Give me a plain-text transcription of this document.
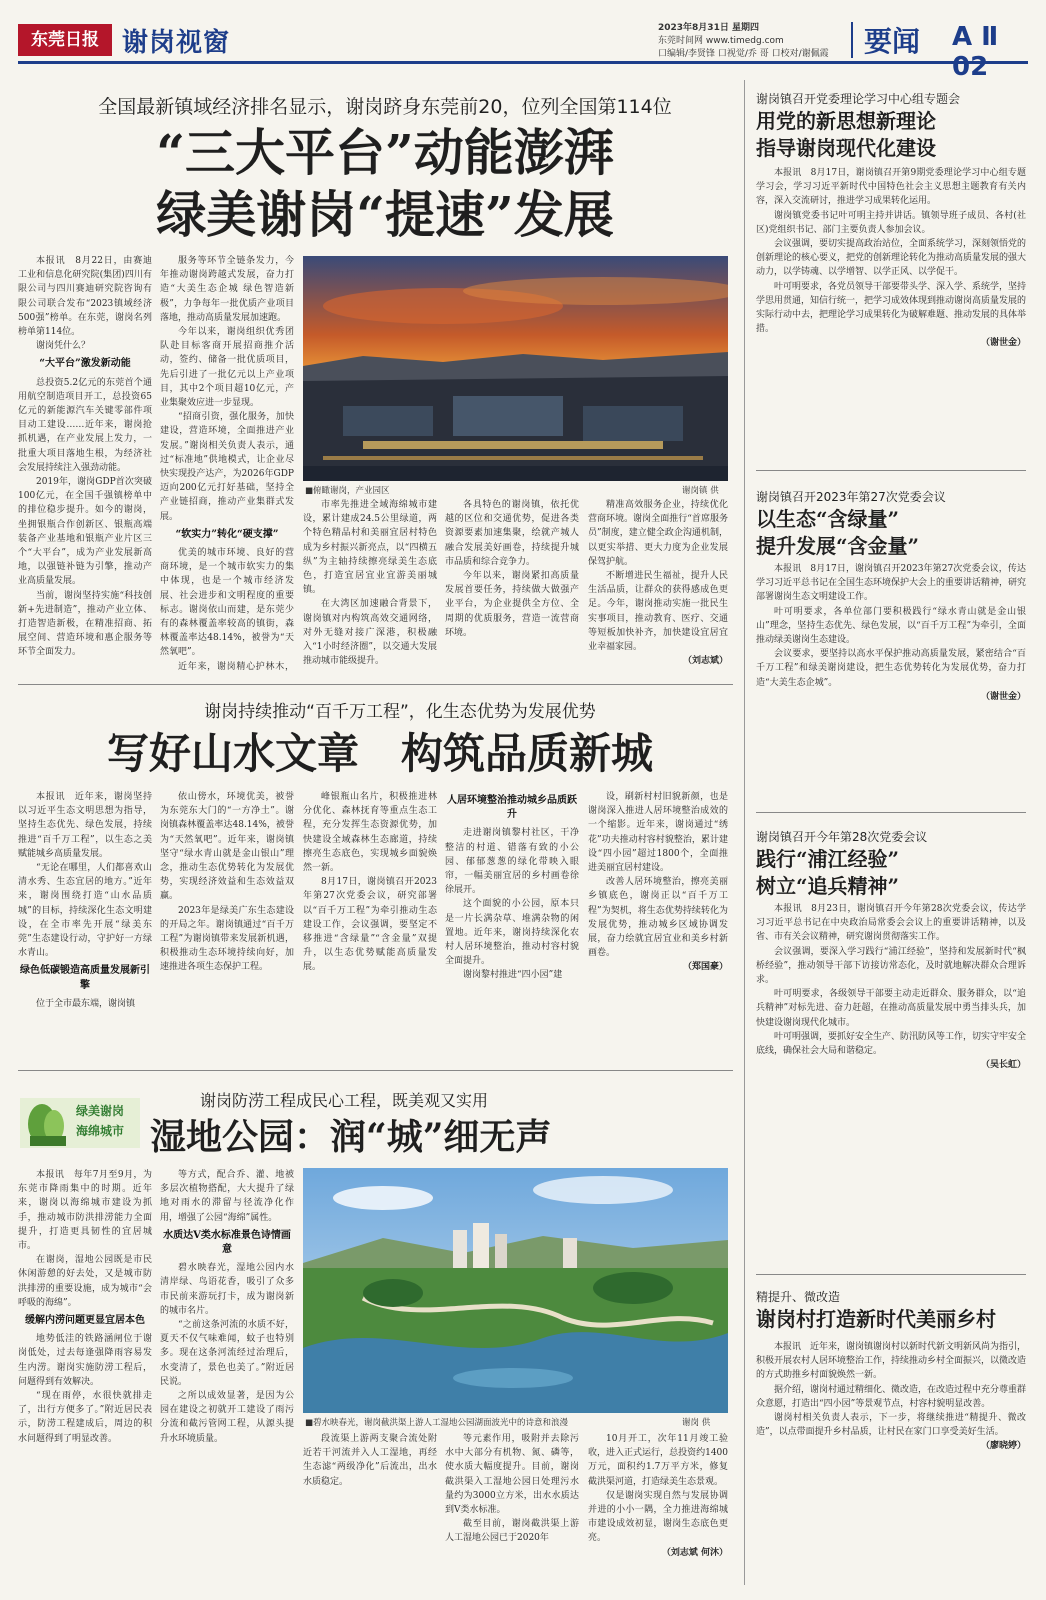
东莞日报 谢岗视窗	2023年8月31日 星期四
东莞时间网 www.timedg.com
口编辑/李贤锋 口视觉/乔 哥 口校对/谢佩霞	要闻 A Ⅱ 02
全国最新镇域经济排名显示，谢岗跻身东莞前20，位列全国第114位
“三大平台”动能澎湃
绿美谢岗“提速”发展

本报讯　8月22日，由赛迪工业和信息化研究院(集团)四川有限公司与四川赛迪研究院咨询有限公司联合发布“2023镇域经济500强”榜单。在东莞，谢岗名列榜单第114位。

谢岗凭什么？

“大平台”激发新动能

总投资5.2亿元的东莞首个通用航空制造项目开工，总投资65亿元的新能源汽车关键零部件项目动工建设……近年来，谢岗抢抓机遇，在产业发展上发力，一批重大项目落地生根，为经济社会发展持续注入强劲动能。

2019年，谢岗GDP首次突破100亿元，在全国千强镇榜单中的排位稳步提升。如今的谢岗，坐拥银瓶合作创新区、银瓶高端装备产业基地和银瓶产业片区三个“大平台”，成为产业发展新高地，以强链补链为引擎，推动产业高质量发展。

当前，谢岗坚持实施“科技创新+先进制造”，推动产业立体、打造智造新极，在精准招商、拓展空间、营造环境和惠企服务等环节全面发力。

服务等环节全链条发力，今年推动谢岗跨越式发展，奋力打造“大美生态企城 绿色智造新极”，力争每年一批优质产业项目落地，推动高质量发展加速跑。

今年以来，谢岗组织优秀团队赴目标客商开展招商推介活动，签约、储备一批优质项目，先后引进了一批亿元以上产业项目，其中2个项目超10亿元，产业集聚效应进一步显现。

“招商引资，强化服务，加快建设，营造环境，全面推进产业发展。”谢岗相关负责人表示，通过“标准地”供地模式，让企业尽快实现投产达产，为2026年GDP迈向200亿元打好基础，坚持全产业链招商，推动产业集群式发展。

“软实力”转化“硬支撑”

优美的城市环境、良好的营商环境，是一个城市软实力的集中体现，也是一个城市经济发展、社会进步和文明程度的重要标志。谢岗依山而建，是东莞少有的森林覆盖率较高的镇街，森林覆盖率达48.14%，被誉为“天然氧吧”。

近年来，谢岗精心护林木，

■俯瞰谢岗，产业园区	谢岗镇 供

市率先推进全域海绵城市建设，累计建成24.5公里绿道，两个特色精品村和美丽宜居村特色成为乡村振兴新亮点，以“四横五纵”为主轴持续擦亮绿美生态底色，打造宜居宜业宜游美丽城镇。

在大湾区加速融合背景下，谢岗镇对内构筑高效交通网络，对外无缝对接广深港，积极融入“1小时经济圈”，以交通大发展推动城市能级提升。

各具特色的谢岗镇，依托优越的区位和交通优势，促进各类资源要素加速集聚，绘就产城人融合发展美好画卷，持续提升城市品质和综合竞争力。

今年以来，谢岗紧扣高质量发展首要任务，持续做大做强产业平台，为企业提供全方位、全周期的优质服务，营造一流营商环境。

精准高效服务企业，持续优化营商环境。谢岗全面推行“首席服务员”制度，建立健全政企沟通机制，以更实举措、更大力度为企业发展保驾护航。

不断增进民生福祉，提升人民生活品质，让群众的获得感成色更足。今年，谢岗推动实施一批民生实事项目，推动教育、医疗、交通等短板加快补齐，加快建设宜居宜业幸福家园。

（刘志斌）
谢岗持续推动“百千万工程”，化生态优势为发展优势
写好山水文章　构筑品质新城

本报讯　近年来，谢岗坚持以习近平生态文明思想为指导，坚持生态优先、绿色发展，持续推进“百千万工程”，以生态之美赋能城乡高质量发展。

“无论在哪里，人们都喜欢山清水秀、生态宜居的地方。”近年来，谢岗围绕打造“山水品质城”的目标，持续深化生态文明建设，在全市率先开展“绿美东莞”生态建设行动，守护好一方绿水青山。

绿色低碳锻造高质量发展新引擎

位于全市最东端，谢岗镇

依山傍水，环境优美，被誉为东莞东大门的“一方净土”。谢岗镇森林覆盖率达48.14%，被誉为“天然氧吧”。近年来，谢岗镇坚守“绿水青山就是金山银山”理念，推动生态优势转化为发展优势，实现经济效益和生态效益双赢。

2023年是绿美广东生态建设的开局之年。谢岗镇通过“百千万工程”为谢岗镇带来发展新机遇，积极推动生态环境持续向好，加速推进各项生态保护工程。

峰银瓶山名片，积极推进林分优化、森林抚育等重点生态工程，充分发挥生态资源优势，加快建设全域森林生态廊道，持续擦亮生态底色，实现城乡面貌焕然一新。

8月17日，谢岗镇召开2023年第27次党委会议，研究部署以“百千万工程”为牵引推动生态建设工作，会议强调，要坚定不移推进“含绿量”“含金量”双提升，以生态优势赋能高质量发展。

人居环境整治推动城乡品质跃升

走进谢岗镇黎村社区，干净整洁的村道、错落有致的小公园、郁郁葱葱的绿化带映入眼帘，一幅美丽宜居的乡村画卷徐徐展开。

这个面貌的小公园，原本只是一片长满杂草、堆满杂物的闲置地。近年来，谢岗持续深化农村人居环境整治，推动村容村貌全面提升。

谢岗黎村推进“四小园”建

设，刷新村村旧貌新颜，也是谢岗深入推进人居环境整治成效的一个缩影。近年来，谢岗通过“绣花”功夫推动村容村貌整治，累计建设“四小园”超过1800个，全面推进美丽宜居村建设。

改善人居环境整治，擦亮美丽乡镇底色，谢岗正以“百千万工程”为契机，将生态优势持续转化为发展优势，推动城乡区域协调发展，奋力绘就宜居宜业和美乡村新画卷。

（郑国豪）
绿美谢岗
海绵城市
谢岗防涝工程成民心工程，既美观又实用
湿地公园：润“城”细无声

本报讯　每年7月至9月，为东莞市降雨集中的时期。近年来，谢岗以海绵城市建设为抓手，推动城市防洪排涝能力全面提升，打造更具韧性的宜居城市。

在谢岗，湿地公园既是市民休闲游憩的好去处，又是城市防洪排涝的重要设施，成为城市“会呼吸的海绵”。

缓解内涝问题更显宜居本色

地势低洼的铁路涵闸位于谢岗低处，过去每逢强降雨容易发生内涝。谢岗实施防涝工程后，问题得到有效解决。

“现在雨停，水很快就排走了，出行方便多了。”附近居民表示，防涝工程建成后，周边的积水问题得到了明显改善。

等方式，配合乔、灌、地被多层次植物搭配，大大提升了绿地对雨水的滞留与径流净化作用，增强了公园“海绵”属性。

水质达V类水标准景色诗情画意

碧水映春光，湿地公园内水清岸绿、鸟语花香，吸引了众多市民前来游玩打卡，成为谢岗新的城市名片。

“之前这条河流的水质不好，夏天不仅气味难闻，蚊子也特别多。现在这条河流经过治理后，水变清了，景色也美了。”附近居民说。

之所以成效显著，是因为公园在建设之初就开工建设了雨污分流和截污管网工程，从源头提升水环境质量。

■碧水映春光，谢岗截洪渠上游人工湿地公园湖面波光中的诗意和浪漫	谢岗 供

段流渠上游两支聚合流处附近若干河流并入人工湿地，再经生态滤“两级净化”后流出，出水水质稳定。

等元素作用，吸附并去除污水中大部分有机物、氮、磷等，使水质大幅度提升。目前，谢岗截洪渠入工湿地公园日处理污水量约为3000立方米，出水水质达到V类水标准。

截至目前，谢岗截洪渠上游人工湿地公园已于2020年

10月开工，次年11月竣工验收，进入正式运行，总投资约1400万元，面积约1.7万平方米，修复截洪渠河道，打造绿美生态景观。

仅是谢岗实现自然与发展协调并进的小小一隅，全力推进海绵城市建设成效初显，谢岗生态底色更亮。

（刘志斌 何沐）
谢岗镇召开党委理论学习中心组专题会
用党的新思想新理论
指导谢岗现代化建设

本报讯　8月17日，谢岗镇召开第9期党委理论学习中心组专题学习会，学习习近平新时代中国特色社会主义思想主题教育有关内容，深入交流研讨，推进学习成果转化运用。

谢岗镇党委书记叶可明主持并讲话。镇领导班子成员、各村(社区)党组织书记、部门主要负责人参加会议。

会议强调，要切实提高政治站位，全面系统学习，深刻领悟党的创新理论的核心要义，把党的创新理论转化为推动高质量发展的强大动力，以学铸魂、以学增智、以学正风、以学促干。

叶可明要求，各党员领导干部要带头学、深入学、系统学，坚持学思用贯通，知信行统一，把学习成效体现到推动谢岗高质量发展的实际行动中去，把理论学习成果转化为破解难题、推动发展的具体举措。

（谢世金）
谢岗镇召开2023年第27次党委会议
以生态“含绿量”
提升发展“含金量”

本报讯　8月17日，谢岗镇召开2023年第27次党委会议，传达学习习近平总书记在全国生态环境保护大会上的重要讲话精神，研究部署谢岗生态文明建设工作。

叶可明要求，各单位部门要积极践行“绿水青山就是金山银山”理念，坚持生态优先、绿色发展，以“百千万工程”为牵引，全面推动绿美谢岗生态建设。

会议要求，要坚持以高水平保护推动高质量发展，紧密结合“百千万工程”和绿美谢岗建设，把生态优势转化为发展优势，奋力打造“大美生态企城”。

（谢世金）
谢岗镇召开今年第28次党委会议
践行“浦江经验”
树立“追兵精神”

本报讯　8月23日，谢岗镇召开今年第28次党委会议，传达学习习近平总书记在中央政治局常委会会议上的重要讲话精神，以及省、市有关会议精神，研究谢岗贯彻落实工作。

会议强调，要深入学习践行“浦江经验”，坚持和发展新时代“枫桥经验”，推动领导干部下访接访常态化，及时就地解决群众合理诉求。

叶可明要求，各级领导干部要主动走近群众、服务群众，以“追兵精神”对标先进、奋力赶超，在推动高质量发展中勇当排头兵，加快建设谢岗现代化城市。

叶可明强调，要抓好安全生产、防汛防风等工作，切实守牢安全底线，确保社会大局和谐稳定。

（吴长虹）
精提升、微改造
谢岗村打造新时代美丽乡村

本报讯　近年来，谢岗镇谢岗村以新时代新文明新风尚为指引，积极开展农村人居环境整治工作，持续推动乡村全面振兴，以微改造的方式助推乡村面貌焕然一新。

据介绍，谢岗村通过精细化、微改造，在改造过程中充分尊重群众意愿，打造出“四小园”等景观节点，村容村貌明显改善。

谢岗村相关负责人表示，下一步，将继续推进“精提升、微改造”，以点带面提升乡村品质，让村民在家门口享受美好生活。

（廖晓婷）
